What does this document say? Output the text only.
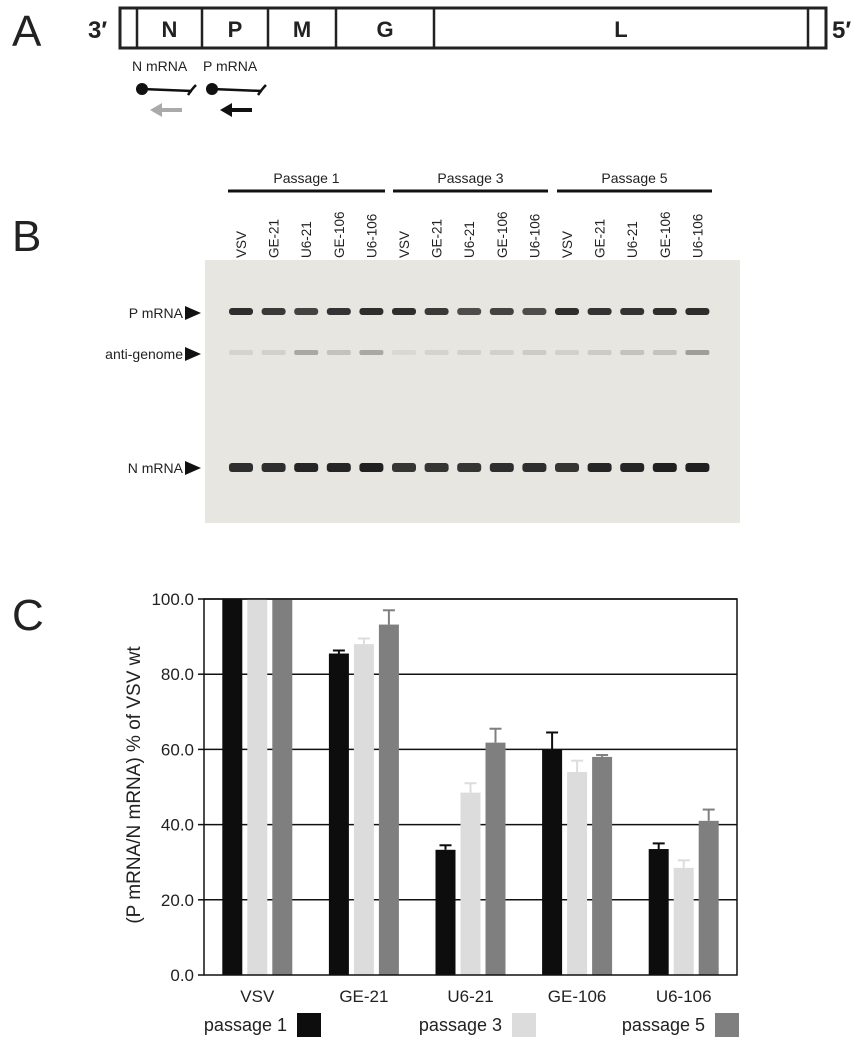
A
B
C
3′	5′
N P M	G	L
N mRNA P mRNA
Passage 1	Passage 3	Passage 5
VSV GE-21 U6-21 GE-106 U6-106 VSV GE-21 U6-21 GE-106 U6-106 VSV GE-21 U6-21 GE-106 U6-106
P mRNA
anti-genome
N mRNA
0.0
20.0
40.0
60.0
80.0
100.0
VSV	GE-21	U6-21	GE-106	U6-106
(P mRNA/N mRNA) % of VSV wt
passage 1	passage 3	passage 5
